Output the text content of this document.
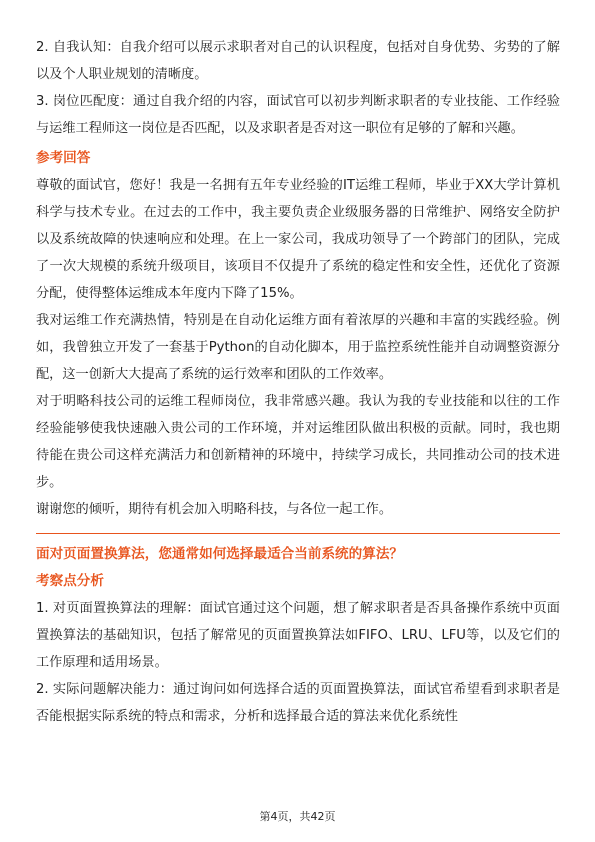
2. 自我认知：自我介绍可以展示求职者对自己的认识程度，包括对自身优势、劣势的了解以及个人职业规划的清晰度。

3. 岗位匹配度：通过自我介绍的内容，面试官可以初步判断求职者的专业技能、工作经验与运维工程师这一岗位是否匹配，以及求职者是否对这一职位有足够的了解和兴趣。

参考回答

尊敬的面试官，您好！我是一名拥有五年专业经验的IT运维工程师，毕业于XX大学计算机科学与技术专业。在过去的工作中，我主要负责企业级服务器的日常维护、网络安全防护以及系统故障的快速响应和处理。在上一家公司，我成功领导了一个跨部门的团队，完成了一次大规模的系统升级项目，该项目不仅提升了系统的稳定性和安全性，还优化了资源分配，使得整体运维成本年度内下降了15%。

我对运维工作充满热情，特别是在自动化运维方面有着浓厚的兴趣和丰富的实践经验。例如，我曾独立开发了一套基于Python的自动化脚本，用于监控系统性能并自动调整资源分配，这一创新大大提高了系统的运行效率和团队的工作效率。

对于明略科技公司的运维工程师岗位，我非常感兴趣。我认为我的专业技能和以往的工作经验能够使我快速融入贵公司的工作环境，并对运维团队做出积极的贡献。同时，我也期待能在贵公司这样充满活力和创新精神的环境中，持续学习成长，共同推动公司的技术进步。

谢谢您的倾听，期待有机会加入明略科技，与各位一起工作。

面对页面置换算法，您通常如何选择最适合当前系统的算法？

考察点分析

1. 对页面置换算法的理解：面试官通过这个问题，想了解求职者是否具备操作系统中页面置换算法的基础知识，包括了解常见的页面置换算法如FIFO、LRU、LFU等，以及它们的工作原理和适用场景。

2. 实际问题解决能力：通过询问如何选择合适的页面置换算法，面试官希望看到求职者是否能根据实际系统的特点和需求，分析和选择最合适的算法来优化系统性

第4页，共42页
